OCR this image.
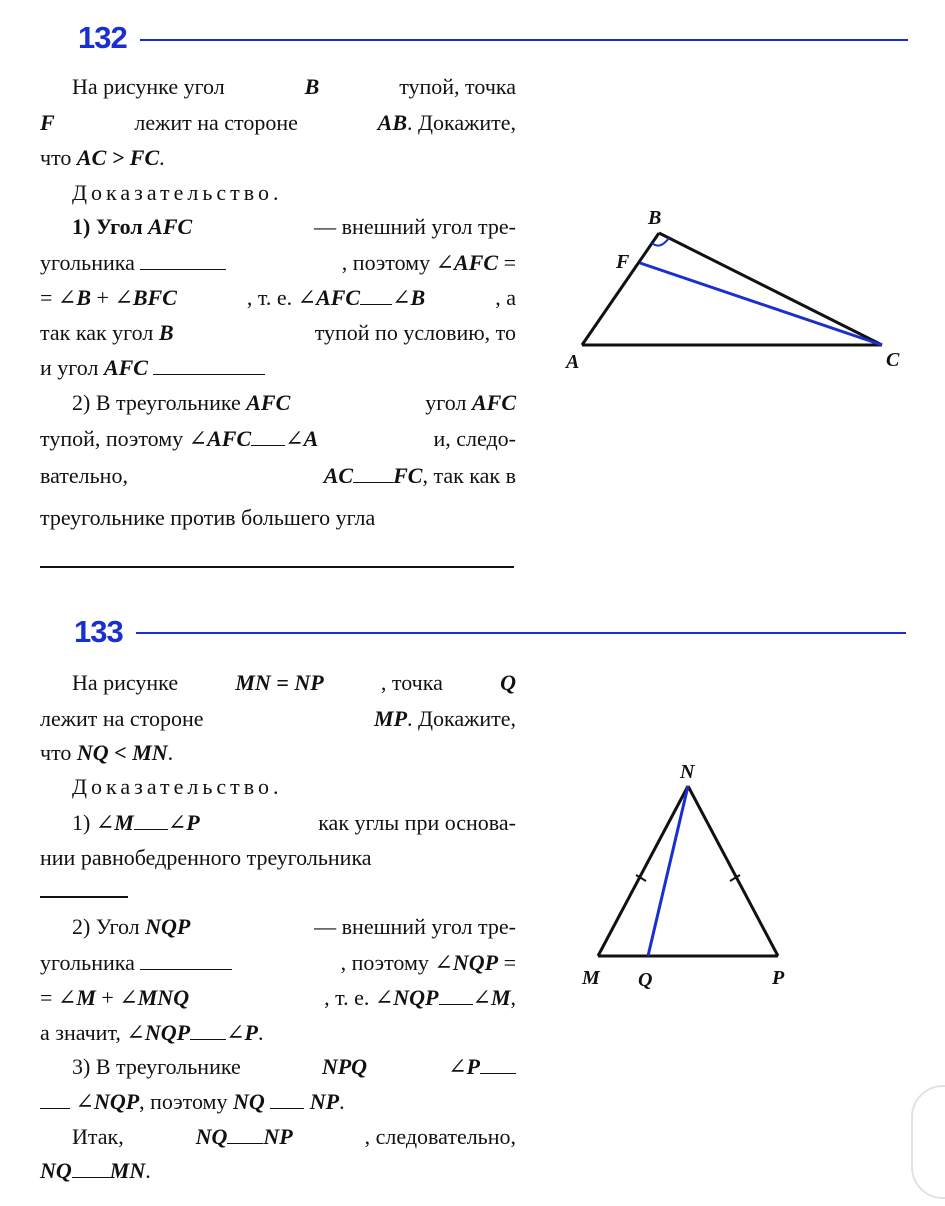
132
На рисунке угол	B	тупой, точка
F	лежит на стороне	AB. Докажите,
что AC > FC.
Доказательство.
1) Угол AFC	— внешний угол тре-
угольника	, поэтому ∠AFC =
= ∠B + ∠BFC	, т. е. ∠AFC ∠B	, а
так как угол B	тупой по условию, то
и угол AFC
2) В треугольнике AFC	угол AFC
тупой, поэтому ∠AFC ∠A	и, следо-
вательно,	AC FC, так как в
треугольнике против большего угла
B
F
A	C
133
На рисунке	MN = NP	, точка	Q
лежит на стороне	MP. Докажите,
что NQ < MN.
Доказательство.
1) ∠M ∠P	как углы при основа-
нии равнобедренного треугольника
2) Угол NQP	— внешний угол тре-
угольника	, поэтому ∠NQP =
= ∠M + ∠MNQ	, т. е. ∠NQP ∠M,
а значит, ∠NQP ∠P.
3) В треугольнике	NPQ	∠P
∠NQP, поэтому NQ NP.
Итак,	NQ NP	, следовательно,
NQ MN.
N
M Q	P
